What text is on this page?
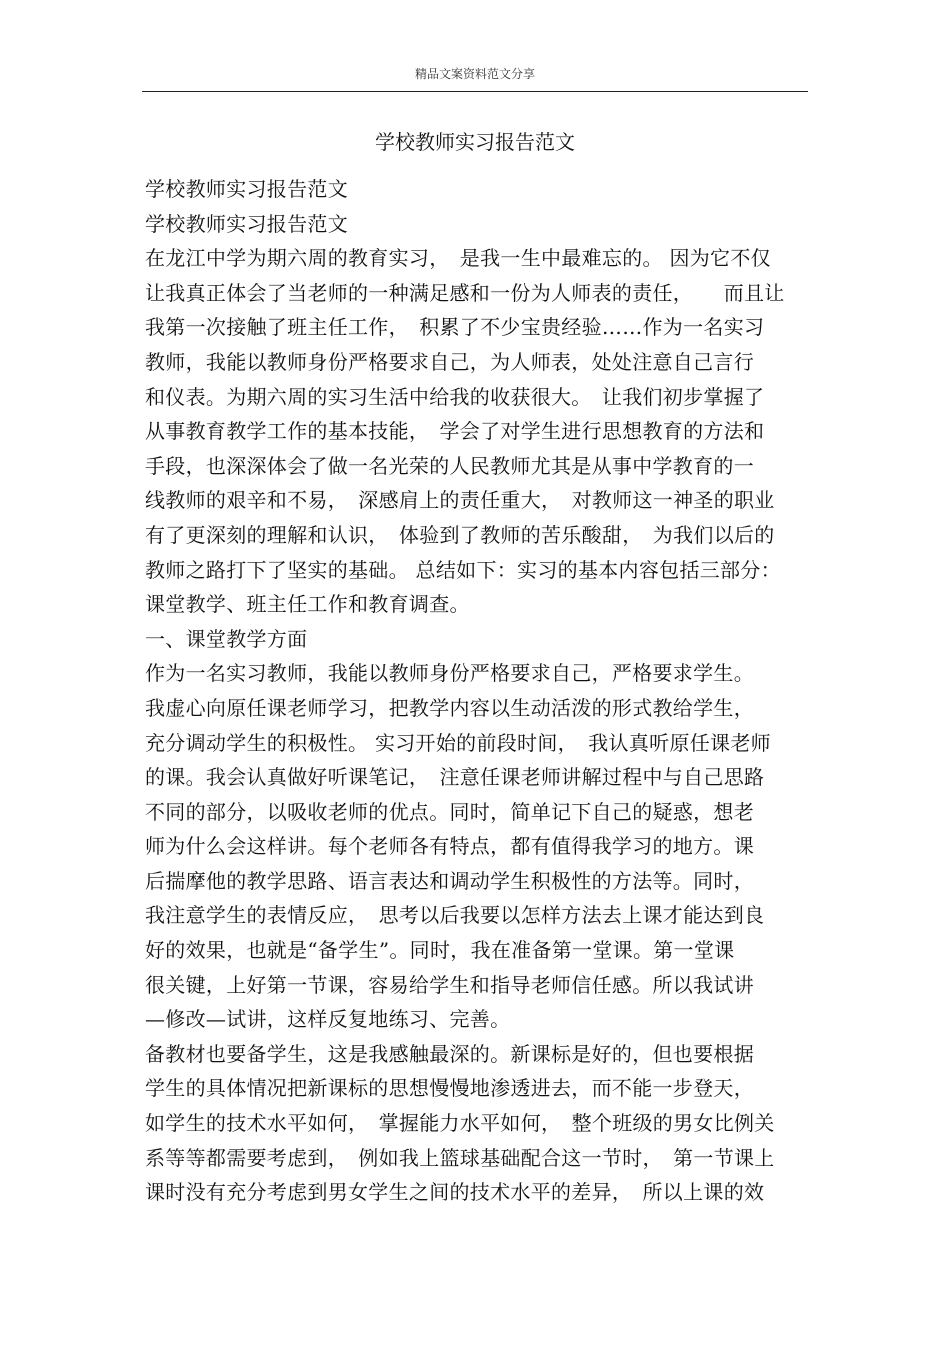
精品文案资料范文分享
学校教师实习报告范文
学校教师实习报告范文
学校教师实习报告范文
在龙江中学为期六周的教育实习，　是我一生中最难忘的。 因为它不仅
让我真正体会了当老师的一种满足感和一份为人师表的责任，　　而且让
我第一次接触了班主任工作，　积累了不少宝贵经验……作为一名实习
教师，我能以教师身份严格要求自己，为人师表，处处注意自己言行
和仪表。为期六周的实习生活中给我的收获很大。　让我们初步掌握了
从事教育教学工作的基本技能，　学会了对学生进行思想教育的方法和
手段，也深深体会了做一名光荣的人民教师尤其是从事中学教育的一
线教师的艰辛和不易，　深感肩上的责任重大，　对教师这一神圣的职业
有了更深刻的理解和认识，　体验到了教师的苦乐酸甜，　为我们以后的
教师之路打下了坚实的基础。 总结如下：实习的基本内容包括三部分：
课堂教学、班主任工作和教育调查。
一、课堂教学方面
作为一名实习教师，我能以教师身份严格要求自己，严格要求学生。
我虚心向原任课老师学习，把教学内容以生动活泼的形式教给学生，
充分调动学生的积极性。 实习开始的前段时间，　我认真听原任课老师
的课。我会认真做好听课笔记，　注意任课老师讲解过程中与自己思路
不同的部分，以吸收老师的优点。同时，简单记下自己的疑惑，想老
师为什么会这样讲。每个老师各有特点，都有值得我学习的地方。课
后揣摩他的教学思路、语言表达和调动学生积极性的方法等。同时，
我注意学生的表情反应，　思考以后我要以怎样方法去上课才能达到良
好的效果，也就是“备学生”。同时，我在准备第一堂课。第一堂课
很关键，上好第一节课，容易给学生和指导老师信任感。所以我试讲
—修改—试讲，这样反复地练习、完善。
备教材也要备学生，这是我感触最深的。新课标是好的，但也要根据
学生的具体情况把新课标的思想慢慢地渗透进去，而不能一步登天，
如学生的技术水平如何，　掌握能力水平如何，　整个班级的男女比例关
系等等都需要考虑到，　例如我上篮球基础配合这一节时，　第一节课上
课时没有充分考虑到男女学生之间的技术水平的差异，　所以上课的效
